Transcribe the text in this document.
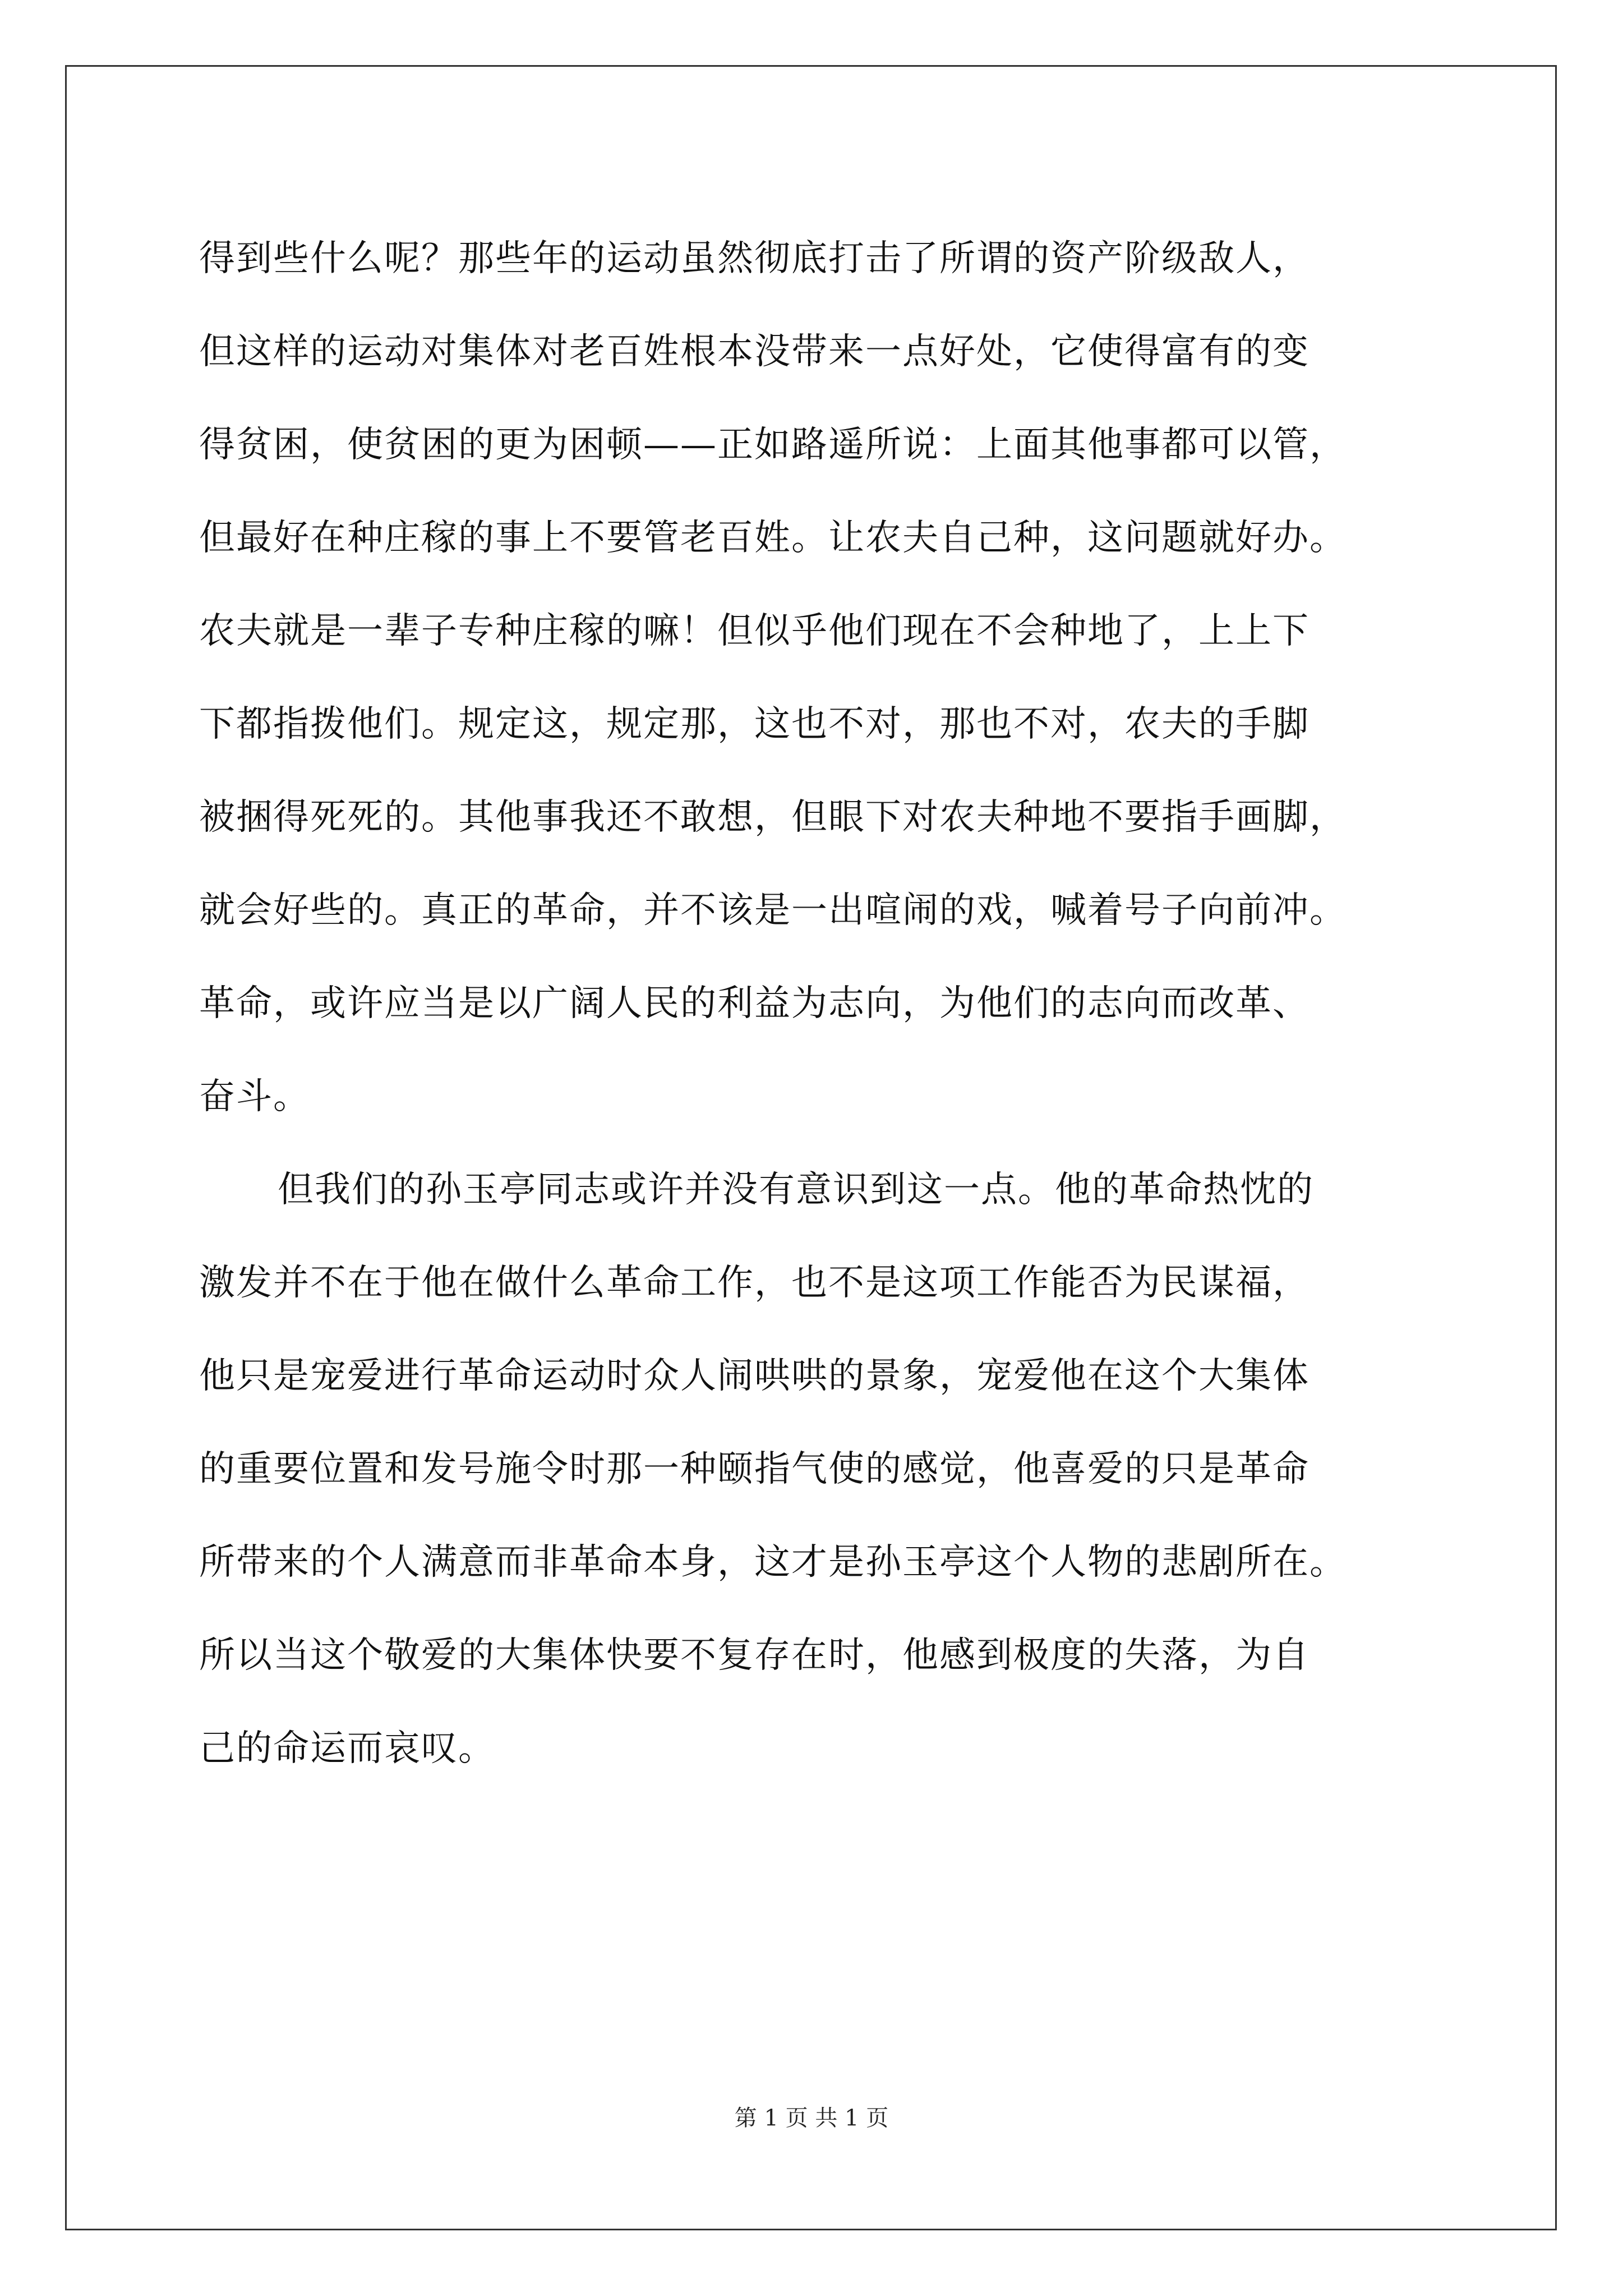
得到些什么呢？那些年的运动虽然彻底打击了所谓的资产阶级敌人，
但这样的运动对集体对老百姓根本没带来一点好处，它使得富有的变
得贫困，使贫困的更为困顿——正如路遥所说：上面其他事都可以管，
但最好在种庄稼的事上不要管老百姓。让农夫自己种，这问题就好办。
农夫就是一辈子专种庄稼的嘛！但似乎他们现在不会种地了，上上下
下都指拨他们。规定这，规定那，这也不对，那也不对，农夫的手脚
被捆得死死的。其他事我还不敢想，但眼下对农夫种地不要指手画脚，
就会好些的。真正的革命，并不该是一出喧闹的戏，喊着号子向前冲。
革命，或许应当是以广阔人民的利益为志向，为他们的志向而改革、
奋斗。
但我们的孙玉亭同志或许并没有意识到这一点。他的革命热忱的
激发并不在于他在做什么革命工作，也不是这项工作能否为民谋福，
他只是宠爱进行革命运动时众人闹哄哄的景象，宠爱他在这个大集体
的重要位置和发号施令时那一种颐指气使的感觉，他喜爱的只是革命
所带来的个人满意而非革命本身，这才是孙玉亭这个人物的悲剧所在。
所以当这个敬爱的大集体快要不复存在时，他感到极度的失落，为自
己的命运而哀叹。
第 1 页 共 1 页
